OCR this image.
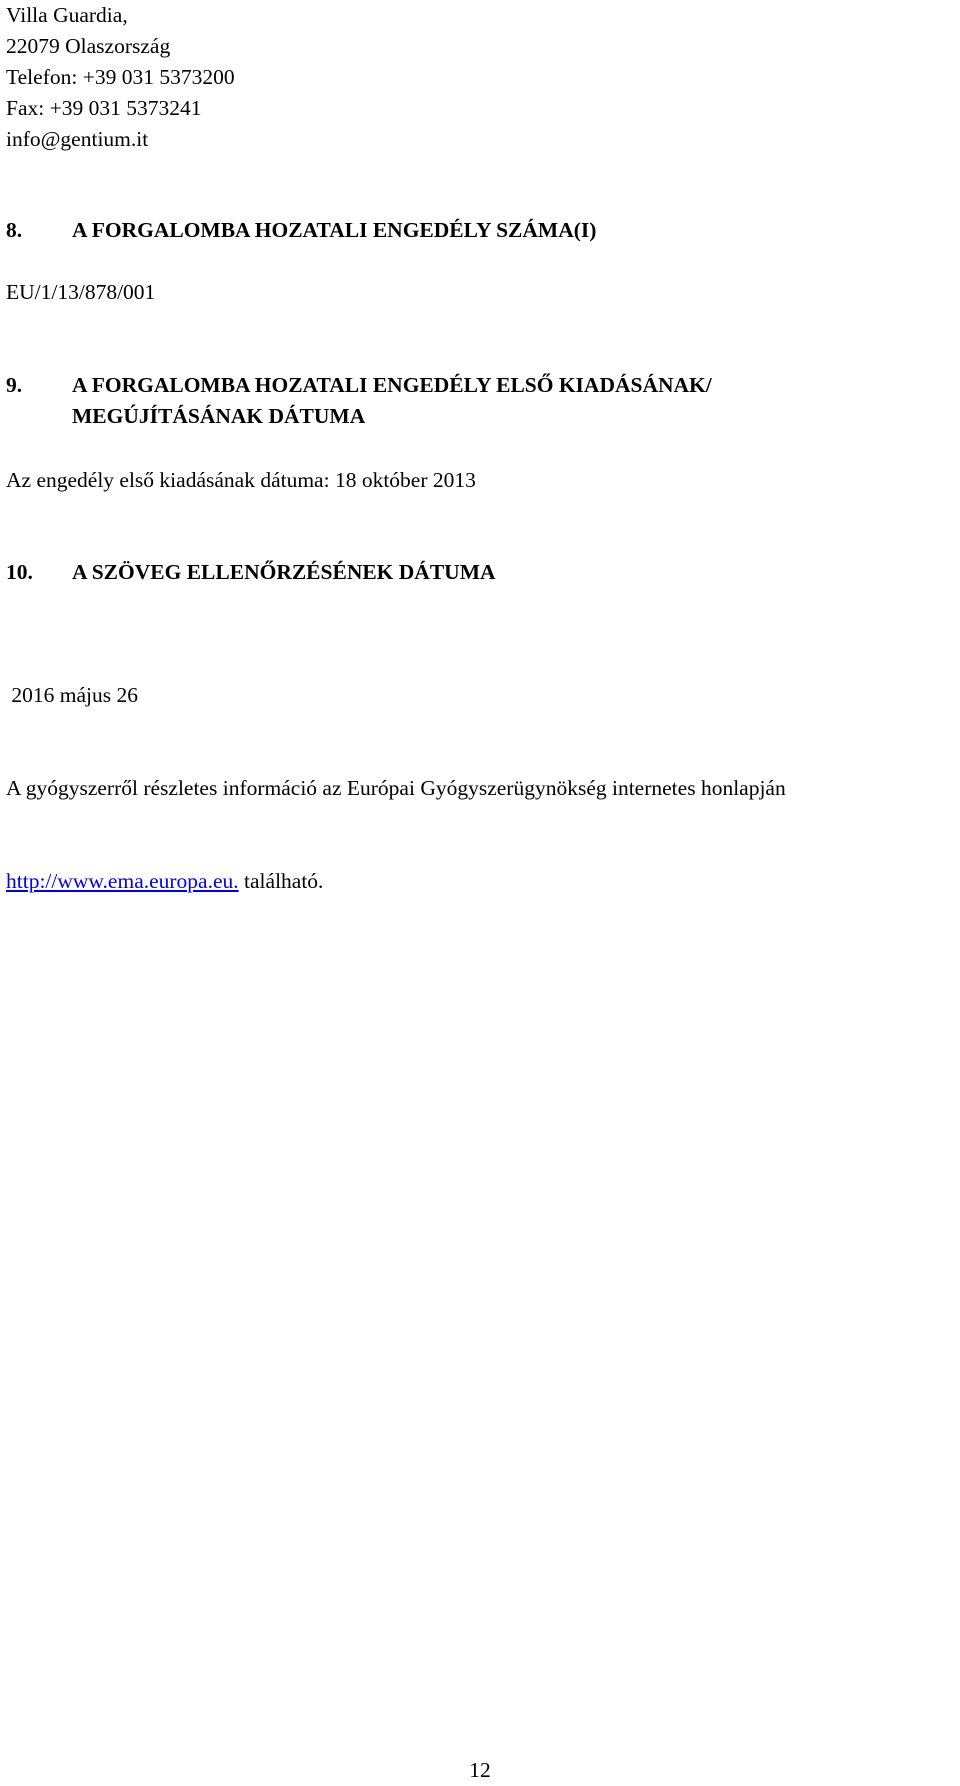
Villa Guardia,
22079 Olaszország
Telefon: +39 031 5373200
Fax: +39 031 5373241
info@gentium.it
8. A FORGALOMBA HOZATALI ENGEDÉLY SZÁMA(I)
EU/1/13/878/001
9. A FORGALOMBA HOZATALI ENGEDÉLY ELSŐ KIADÁSÁNAK/
MEGÚJÍTÁSÁNAK DÁTUMA
Az engedély első kiadásának dátuma: 18 október 2013
10. A SZÖVEG ELLENŐRZÉSÉNEK DÁTUMA

2016 május 26

A gyógyszerről részletes információ az Európai Gyógyszerügynökség internetes honlapján

http://www.ema.europa.eu. található.

12
